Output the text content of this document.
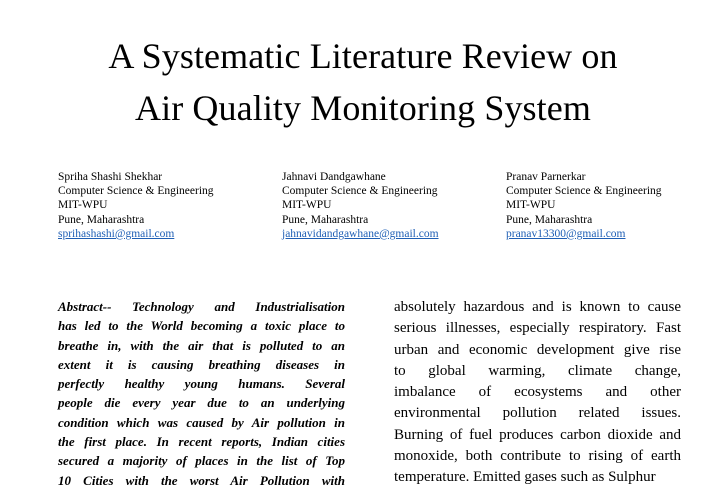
A Systematic Literature Review on
Air Quality Monitoring System
Spriha Shashi Shekhar
Computer Science & Engineering
MIT-WPU
Pune, Maharashtra
sprihashashi@gmail.com
Jahnavi Dandgawhane
Computer Science & Engineering
MIT-WPU
Pune, Maharashtra
jahnavidandgawhane@gmail.com
Pranav Parnerkar
Computer Science & Engineering
MIT-WPU
Pune, Maharashtra
pranav13300@gmail.com
Abstract-- Technology and Industrialisation
has led to the World becoming a toxic place to
breathe in, with the air that is polluted to an
extent it is causing breathing diseases in
perfectly healthy young humans. Several
people die every year due to an underlying
condition which was caused by Air pollution in
the first place. In recent reports, Indian cities
secured a majority of places in the list of Top
10 Cities with the worst Air Pollution with
absolutely hazardous and is known to cause
serious illnesses, especially respiratory. Fast
urban and economic development give rise
to global warming, climate change,
imbalance of ecosystems and other
environmental pollution related issues.
Burning of fuel produces carbon dioxide and
monoxide, both contribute to rising of earth
temperature. Emitted gases such as Sulphur
